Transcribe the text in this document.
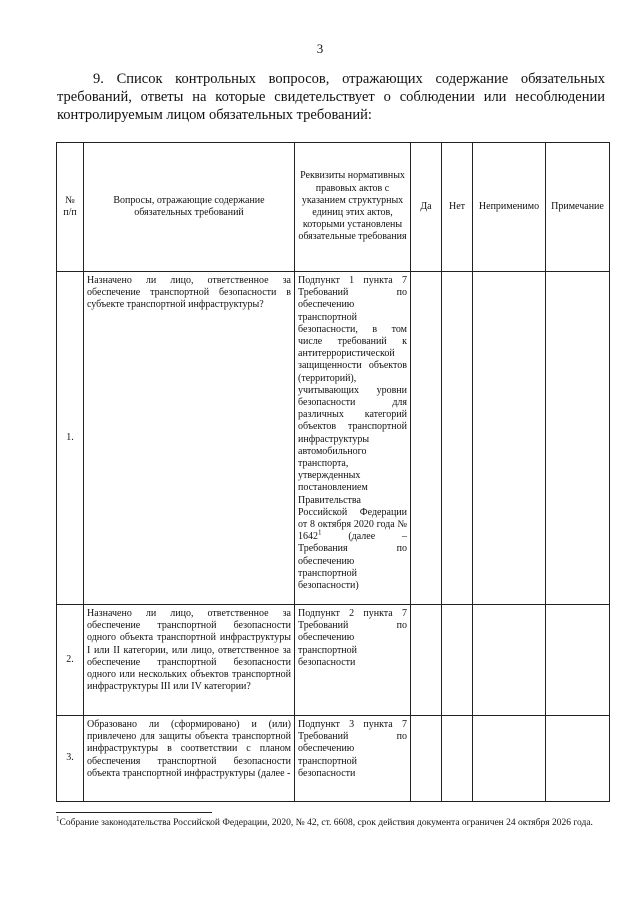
3
9. Список контрольных вопросов, отражающих содержание обязательных требований, ответы на которые свидетельствует о соблюдении или несоблюдении контролируемым лицом обязательных требований:
№ п/п	Вопросы, отражающие содержание обязательных требований	Реквизиты нормативных правовых актов с указанием структурных единиц этих актов, которыми установлены обязательные требования	Да	Нет	Неприменимо	Примечание
1.	Назначено ли лицо, ответственное за обеспечение транспортной безопасности в субъекте транспортной инфраструктуры?	Подпункт 1 пункта 7 Требований по обеспечению транспортной безопасности, в том числе требований к антитеррористической защищенности объектов (территорий), учитывающих уровни безопасности для различных категорий объектов транспортной инфраструктуры автомобильного транспорта, утвержденных постановлением Правительства Российской Федерации от 8 октября 2020 года № 1642$^1$ (далее – Требования по обеспечению транспортной безопасности)				
2.	Назначено ли лицо, ответственное за обеспечение транспортной безопасности одного объекта транспортной инфраструктуры I или II категории, или лицо, ответственное за обеспечение транспортной безопасности одного или нескольких объектов транспортной инфраструктуры III или IV категории?	Подпункт 2 пункта 7 Требований по обеспечению транспортной безопасности				
3.	Образовано ли (сформировано) и (или) привлечено для защиты объекта транспортной инфраструктуры в соответствии с планом обеспечения транспортной безопасности объекта транспортной инфраструктуры (далее -	Подпункт 3 пункта 7 Требований по обеспечению транспортной безопасности				
$^1$Собрание законодательства Российской Федерации, 2020, № 42, ст. 6608, срок действия документа ограничен 24 октября 2026 года.
